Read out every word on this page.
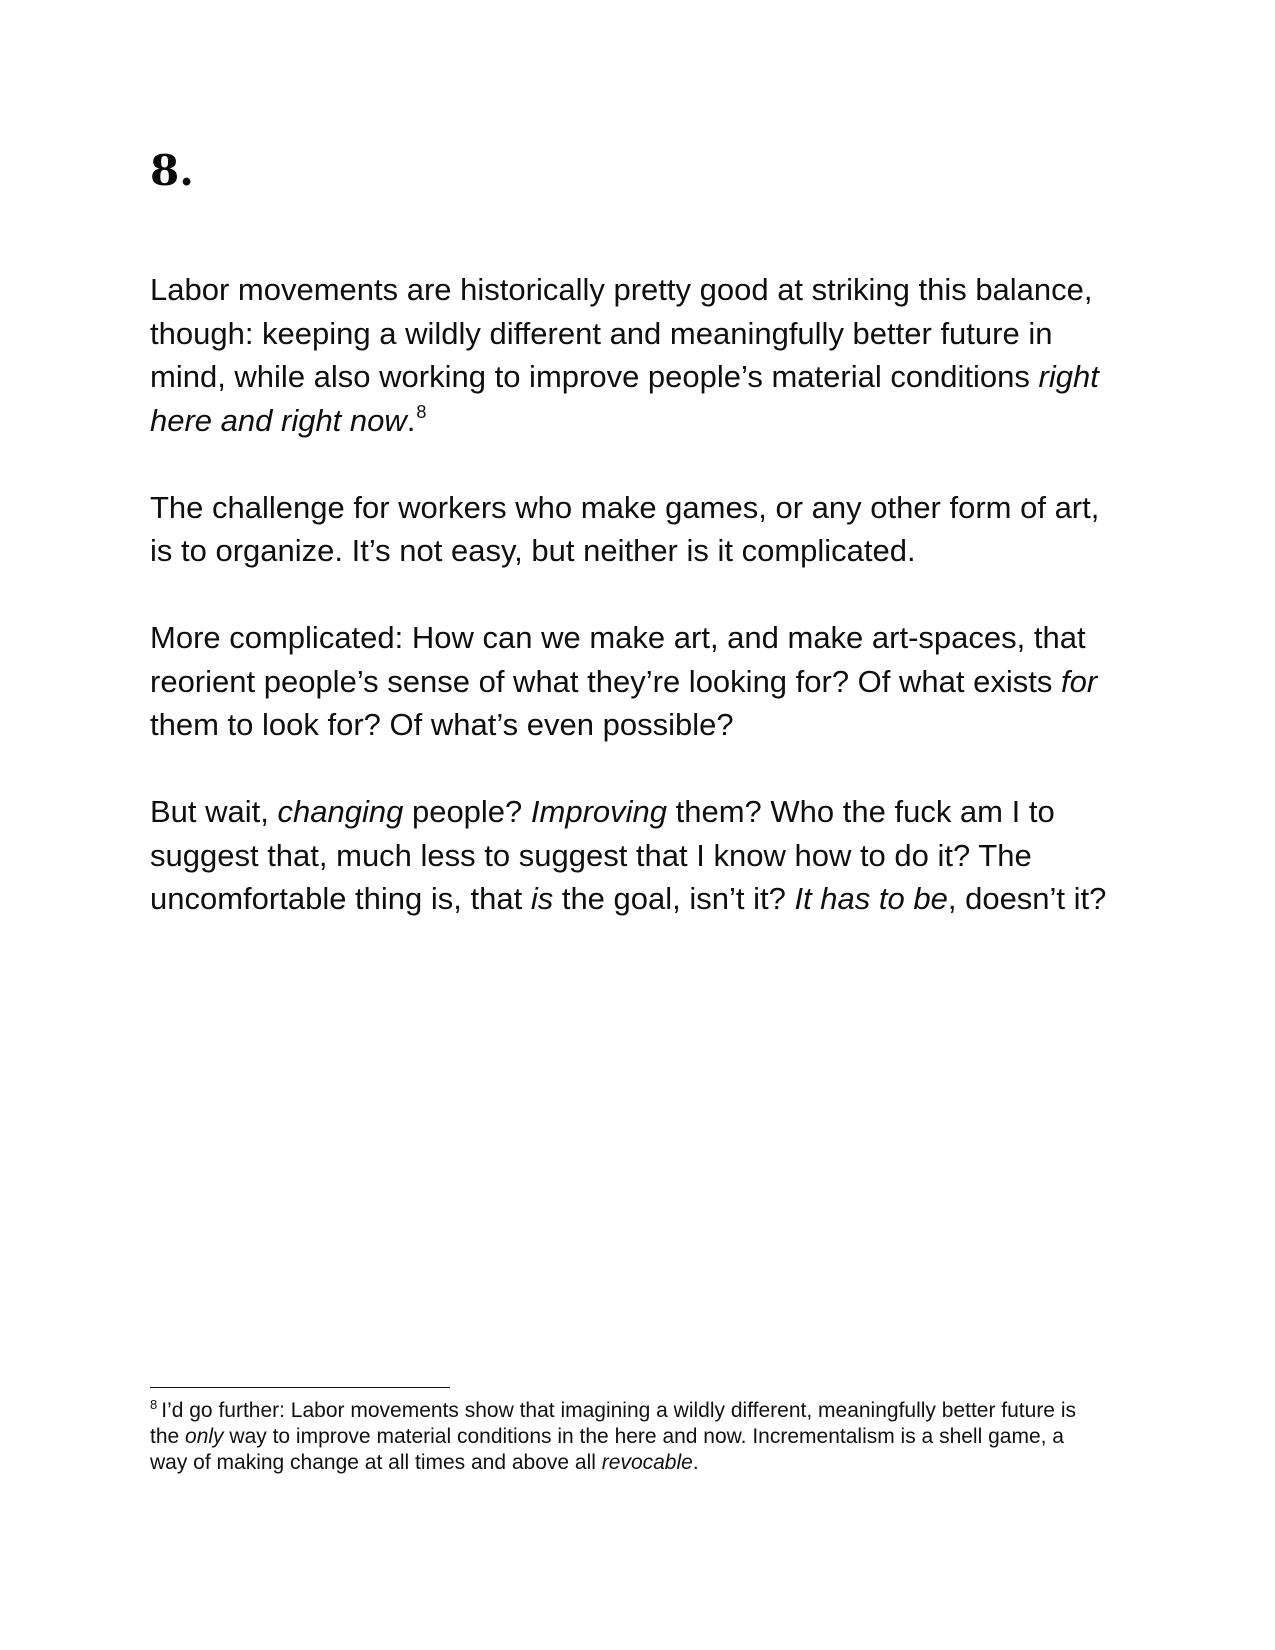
8.

Labor movements are historically pretty good at striking this balance, though: keeping a wildly different and meaningfully better future in mind, while also working to improve people’s material conditions right here and right now.$^8$

The challenge for workers who make games, or any other form of art, is to organize. It’s not easy, but neither is it complicated.

More complicated: How can we make art, and make art-spaces, that reorient people’s sense of what they’re looking for? Of what exists for them to look for? Of what’s even possible?

But wait, changing people? Improving them? Who the fuck am I to suggest that, much less to suggest that I know how to do it? The uncomfortable thing is, that is the goal, isn’t it? It has to be, doesn’t it?

$^8$ I’d go further: Labor movements show that imagining a wildly different, meaningfully better future is the only way to improve material conditions in the here and now. Incrementalism is a shell game, a way of making change at all times and above all revocable.
